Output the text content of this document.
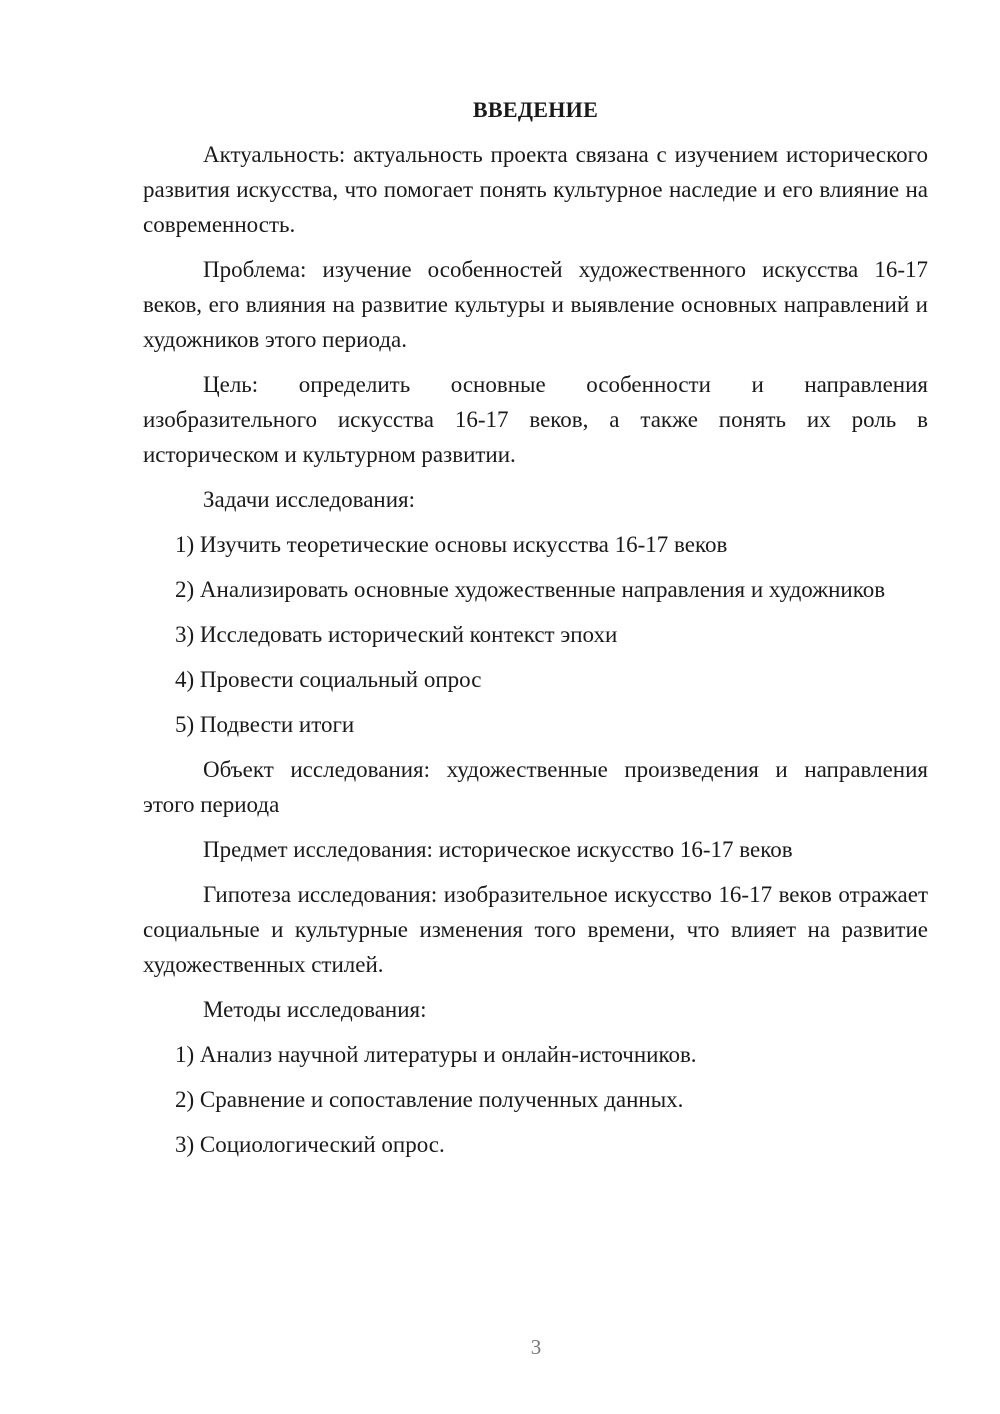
ВВЕДЕНИЕ

Актуальность: актуальность проекта связана с изучением исторического развития искусства, что помогает понять культурное наследие и его влияние на современность.

Проблема: изучение особенностей художественного искусства 16-17 веков, его влияния на развитие культуры и выявление основных направлений и художников этого периода.

Цель: определить основные особенности и направления изобразительного искусства 16-17 веков, а также понять их роль в историческом и культурном развитии.

Задачи исследования:

1) Изучить теоретические основы искусства 16-17 веков

2) Анализировать основные художественные направления и художников

3) Исследовать исторический контекст эпохи

4) Провести социальный опрос

5) Подвести итоги

Объект исследования: художественные произведения и направления этого периода

Предмет исследования: историческое искусство 16-17 веков

Гипотеза исследования: изобразительное искусство 16-17 веков отражает социальные и культурные изменения того времени, что влияет на развитие художественных стилей.

Методы исследования:

1) Анализ научной литературы и онлайн-источников.

2) Сравнение и сопоставление полученных данных.

3) Социологический опрос.

3
